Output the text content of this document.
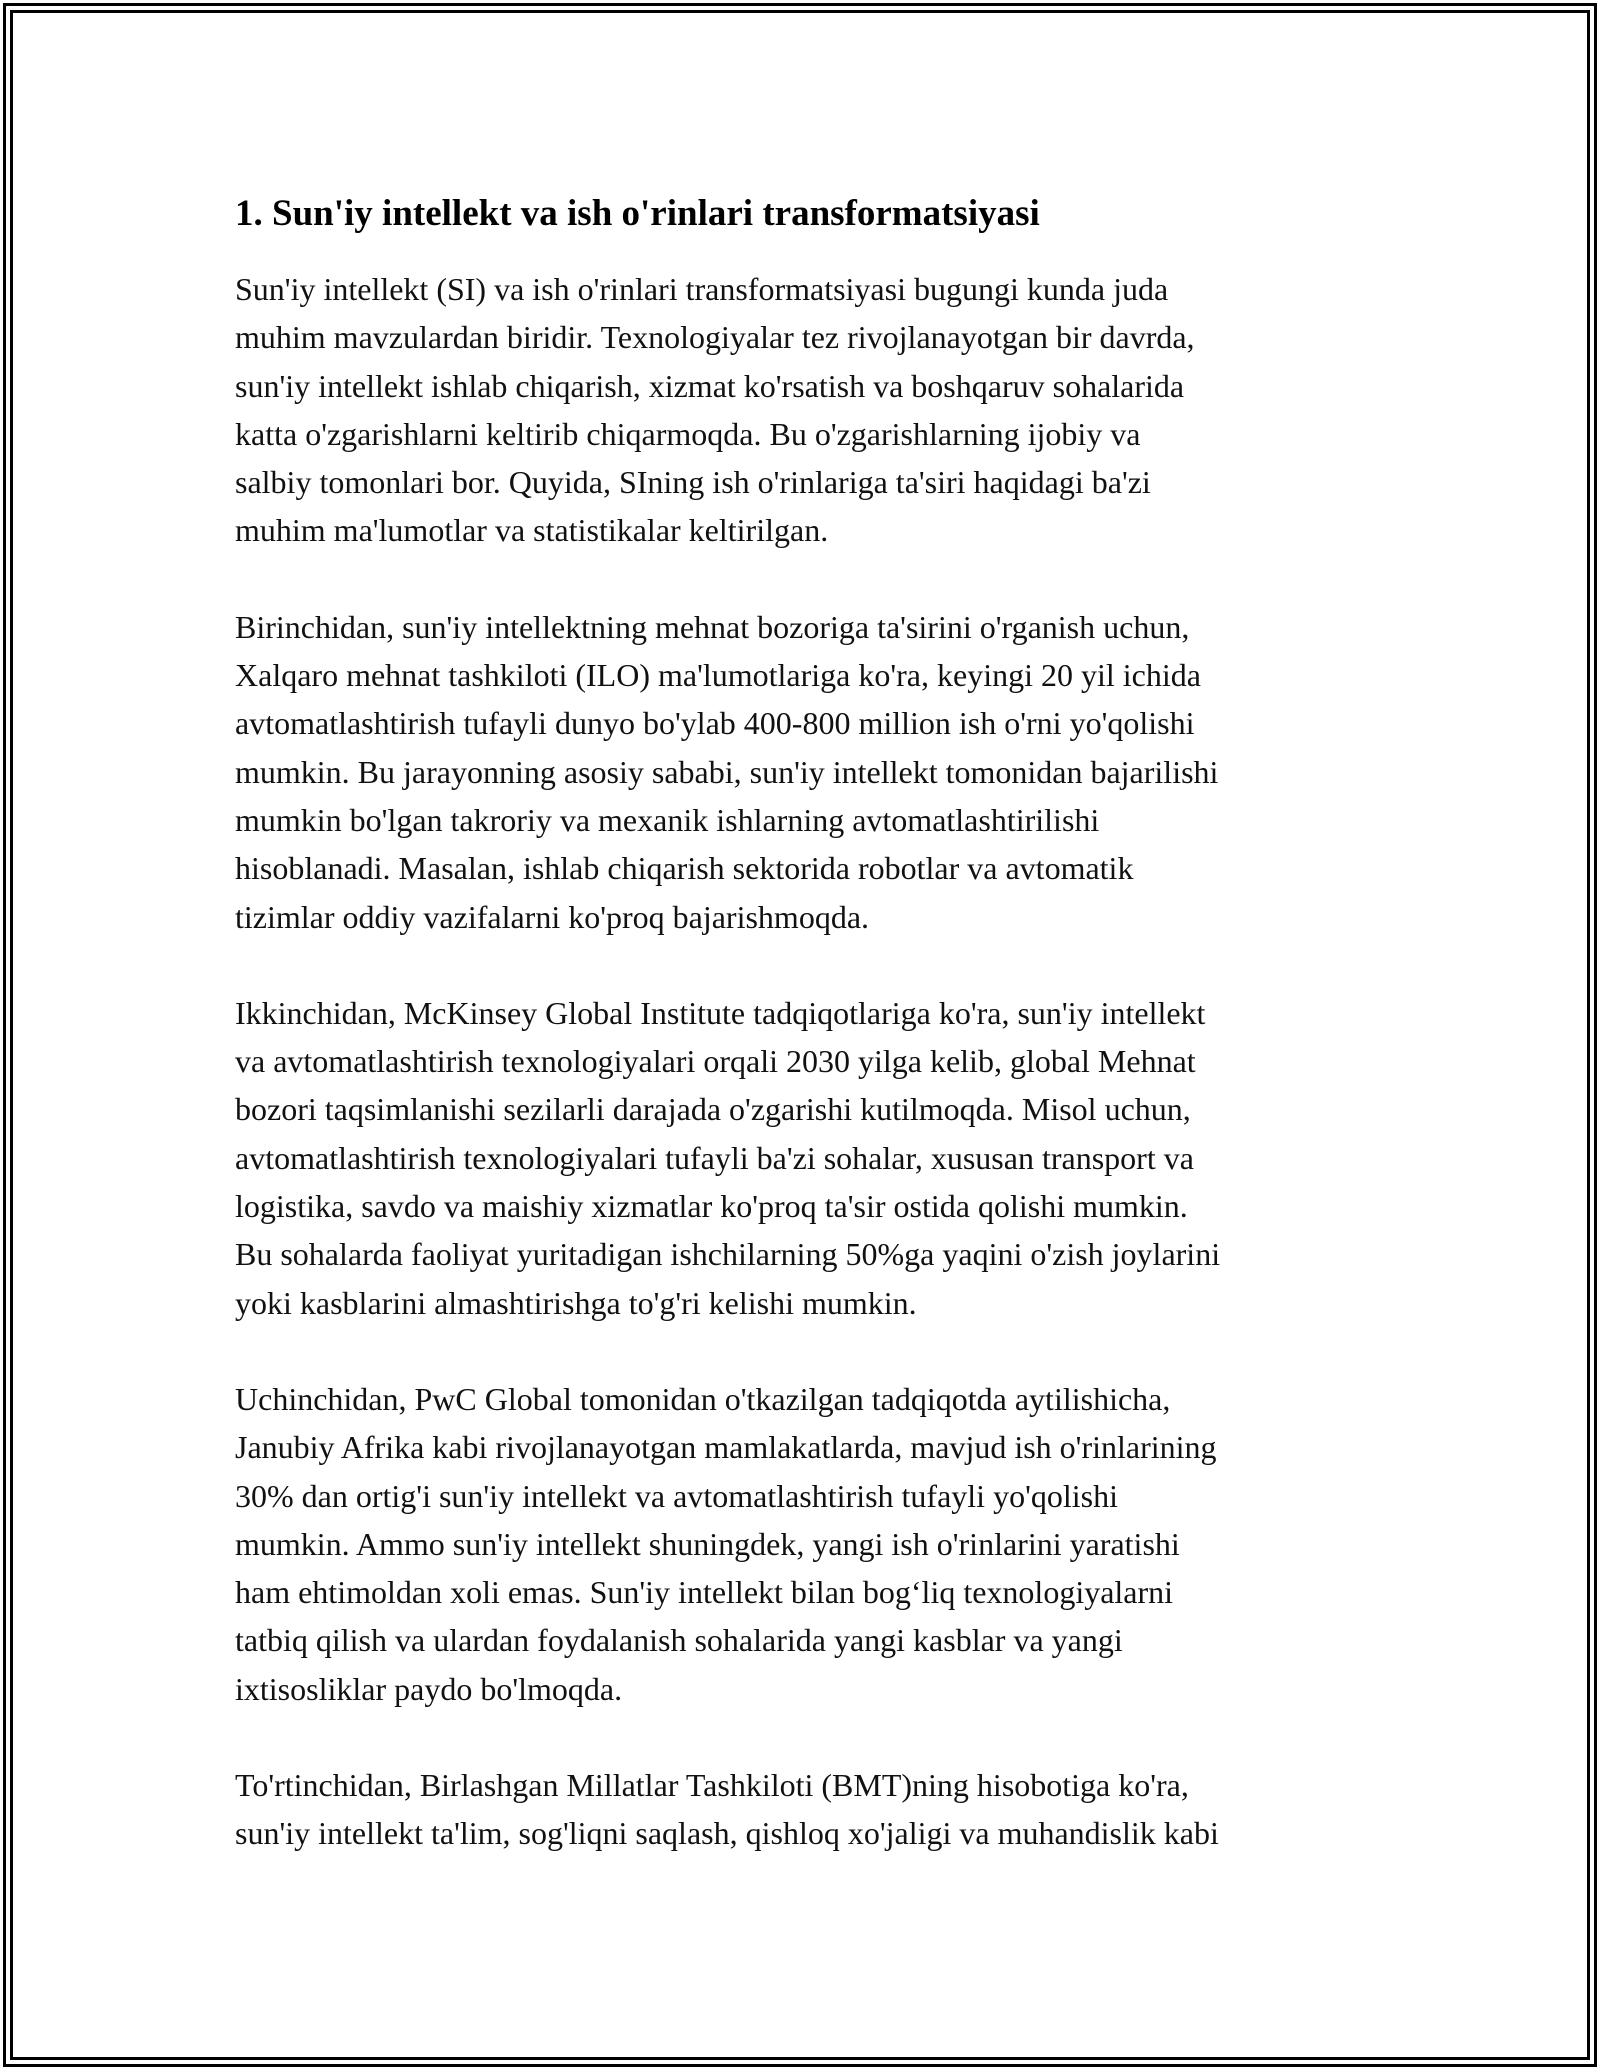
1. Sun'iy intellekt va ish o'rinlari transformatsiyasi

Sun'iy intellekt (SI) va ish o'rinlari transformatsiyasi bugungi kunda juda
muhim mavzulardan biridir. Texnologiyalar tez rivojlanayotgan bir davrda,
sun'iy intellekt ishlab chiqarish, xizmat ko'rsatish va boshqaruv sohalarida
katta o'zgarishlarni keltirib chiqarmoqda. Bu o'zgarishlarning ijobiy va
salbiy tomonlari bor. Quyida, SIning ish o'rinlariga ta'siri haqidagi ba'zi
muhim ma'lumotlar va statistikalar keltirilgan.

Birinchidan, sun'iy intellektning mehnat bozoriga ta'sirini o'rganish uchun,
Xalqaro mehnat tashkiloti (ILO) ma'lumotlariga ko'ra, keyingi 20 yil ichida
avtomatlashtirish tufayli dunyo bo'ylab 400-800 million ish o'rni yo'qolishi
mumkin. Bu jarayonning asosiy sababi, sun'iy intellekt tomonidan bajarilishi
mumkin bo'lgan takroriy va mexanik ishlarning avtomatlashtirilishi
hisoblanadi. Masalan, ishlab chiqarish sektorida robotlar va avtomatik
tizimlar oddiy vazifalarni ko'proq bajarishmoqda.

Ikkinchidan, McKinsey Global Institute tadqiqotlariga ko'ra, sun'iy intellekt
va avtomatlashtirish texnologiyalari orqali 2030 yilga kelib, global Mehnat
bozori taqsimlanishi sezilarli darajada o'zgarishi kutilmoqda. Misol uchun,
avtomatlashtirish texnologiyalari tufayli ba'zi sohalar, xususan transport va
logistika, savdo va maishiy xizmatlar ko'proq ta'sir ostida qolishi mumkin.
Bu sohalarda faoliyat yuritadigan ishchilarning 50%ga yaqini o'zish joylarini
yoki kasblarini almashtirishga to'g'ri kelishi mumkin.

Uchinchidan, PwC Global tomonidan o'tkazilgan tadqiqotda aytilishicha,
Janubiy Afrika kabi rivojlanayotgan mamlakatlarda, mavjud ish o'rinlarining
30% dan ortig'i sun'iy intellekt va avtomatlashtirish tufayli yo'qolishi
mumkin. Ammo sun'iy intellekt shuningdek, yangi ish o'rinlarini yaratishi
ham ehtimoldan xoli emas. Sun'iy intellekt bilan bog‘liq texnologiyalarni
tatbiq qilish va ulardan foydalanish sohalarida yangi kasblar va yangi
ixtisosliklar paydo bo'lmoqda.

To'rtinchidan, Birlashgan Millatlar Tashkiloti (BMT)ning hisobotiga ko'ra,
sun'iy intellekt ta'lim, sog'liqni saqlash, qishloq xo'jaligi va muhandislik kabi
